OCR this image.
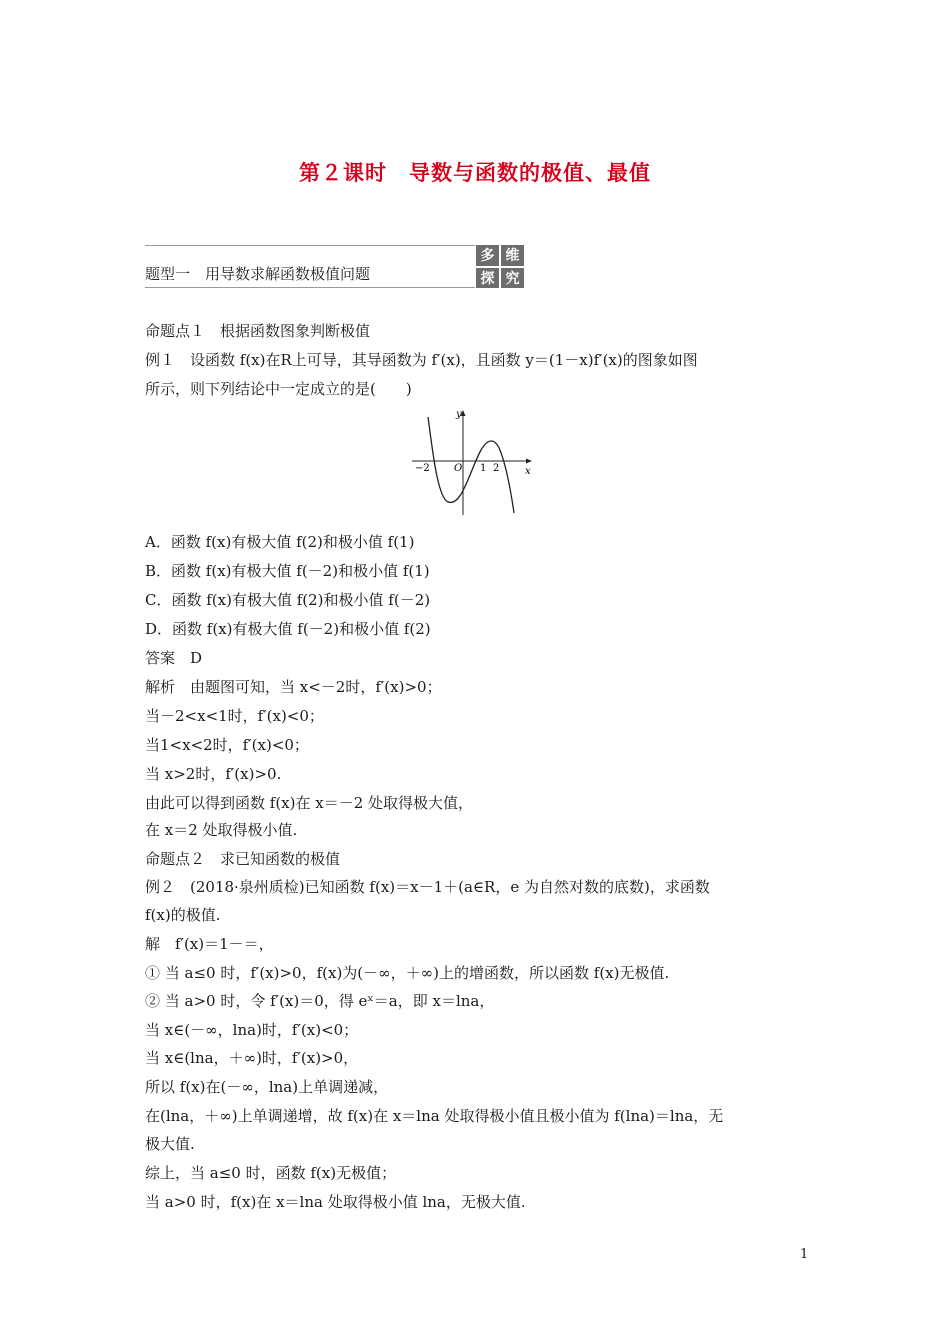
第２课时　导数与函数的极值、最值
题型一　用导数求解函数极值问题
多 维
探 究
命题点１　根据函数图象判断极值
例１　设函数 f(x)在R上可导，其导函数为 f′(x)，且函数 y＝(1－x)f′(x)的图象如图
所示，则下列结论中一定成立的是(　　)
y
x
O
−2	1 2
A．函数 f(x)有极大值 f(2)和极小值 f(1)
B．函数 f(x)有极大值 f(－2)和极小值 f(1)
C．函数 f(x)有极大值 f(2)和极小值 f(－2)
D．函数 f(x)有极大值 f(－2)和极小值 f(2)
答案　D
解析　由题图可知，当 x<－2时，f′(x)>0；
当－2<x<1时，f′(x)<0；
当1<x<2时，f′(x)<0；
当 x>2时，f′(x)>0.
由此可以得到函数 f(x)在 x＝－2 处取得极大值，
在 x＝2 处取得极小值.
命题点２　求已知函数的极值
例２　(2018·泉州质检)已知函数 f(x)＝x－1＋(a∈R，e 为自然对数的底数)，求函数
f(x)的极值.
解　f′(x)＝1－＝，
① 当 a≤0 时，f′(x)>0，f(x)为(－∞，＋∞)上的增函数，所以函数 f(x)无极值.
② 当 a>0 时，令 f′(x)＝0，得 eˣ＝a，即 x＝lna，
当 x∈(－∞，lna)时，f′(x)<0；
当 x∈(lna，＋∞)时，f′(x)>0，
所以 f(x)在(－∞，lna)上单调递减，
在(lna，＋∞)上单调递增，故 f(x)在 x＝lna 处取得极小值且极小值为 f(lna)＝lna，无
极大值.
综上，当 a≤0 时，函数 f(x)无极值；
当 a>0 时，f(x)在 x＝lna 处取得极小值 lna，无极大值.
1
